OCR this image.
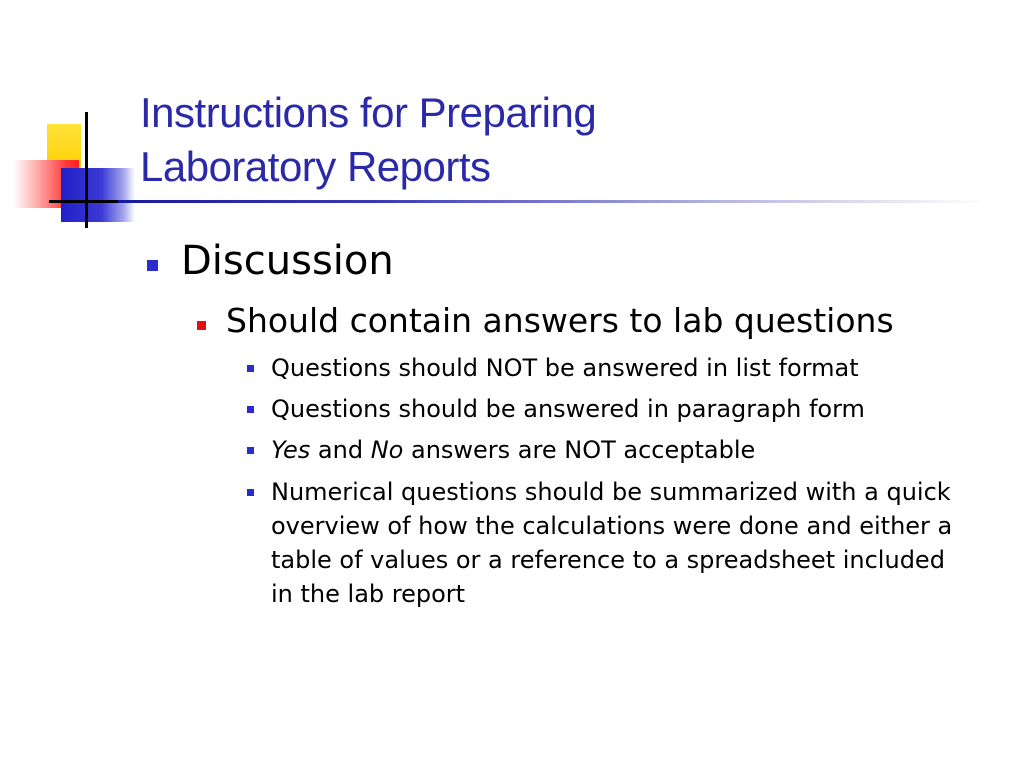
Instructions for Preparing
Laboratory Reports
Discussion
Should contain answers to lab questions
Questions should NOT be answered in list format
Questions should be answered in paragraph form
Yes and No answers are NOT acceptable
Numerical questions should be summarized with a quick
overview of how the calculations were done and either a
table of values or a reference to a spreadsheet included
in the lab report
